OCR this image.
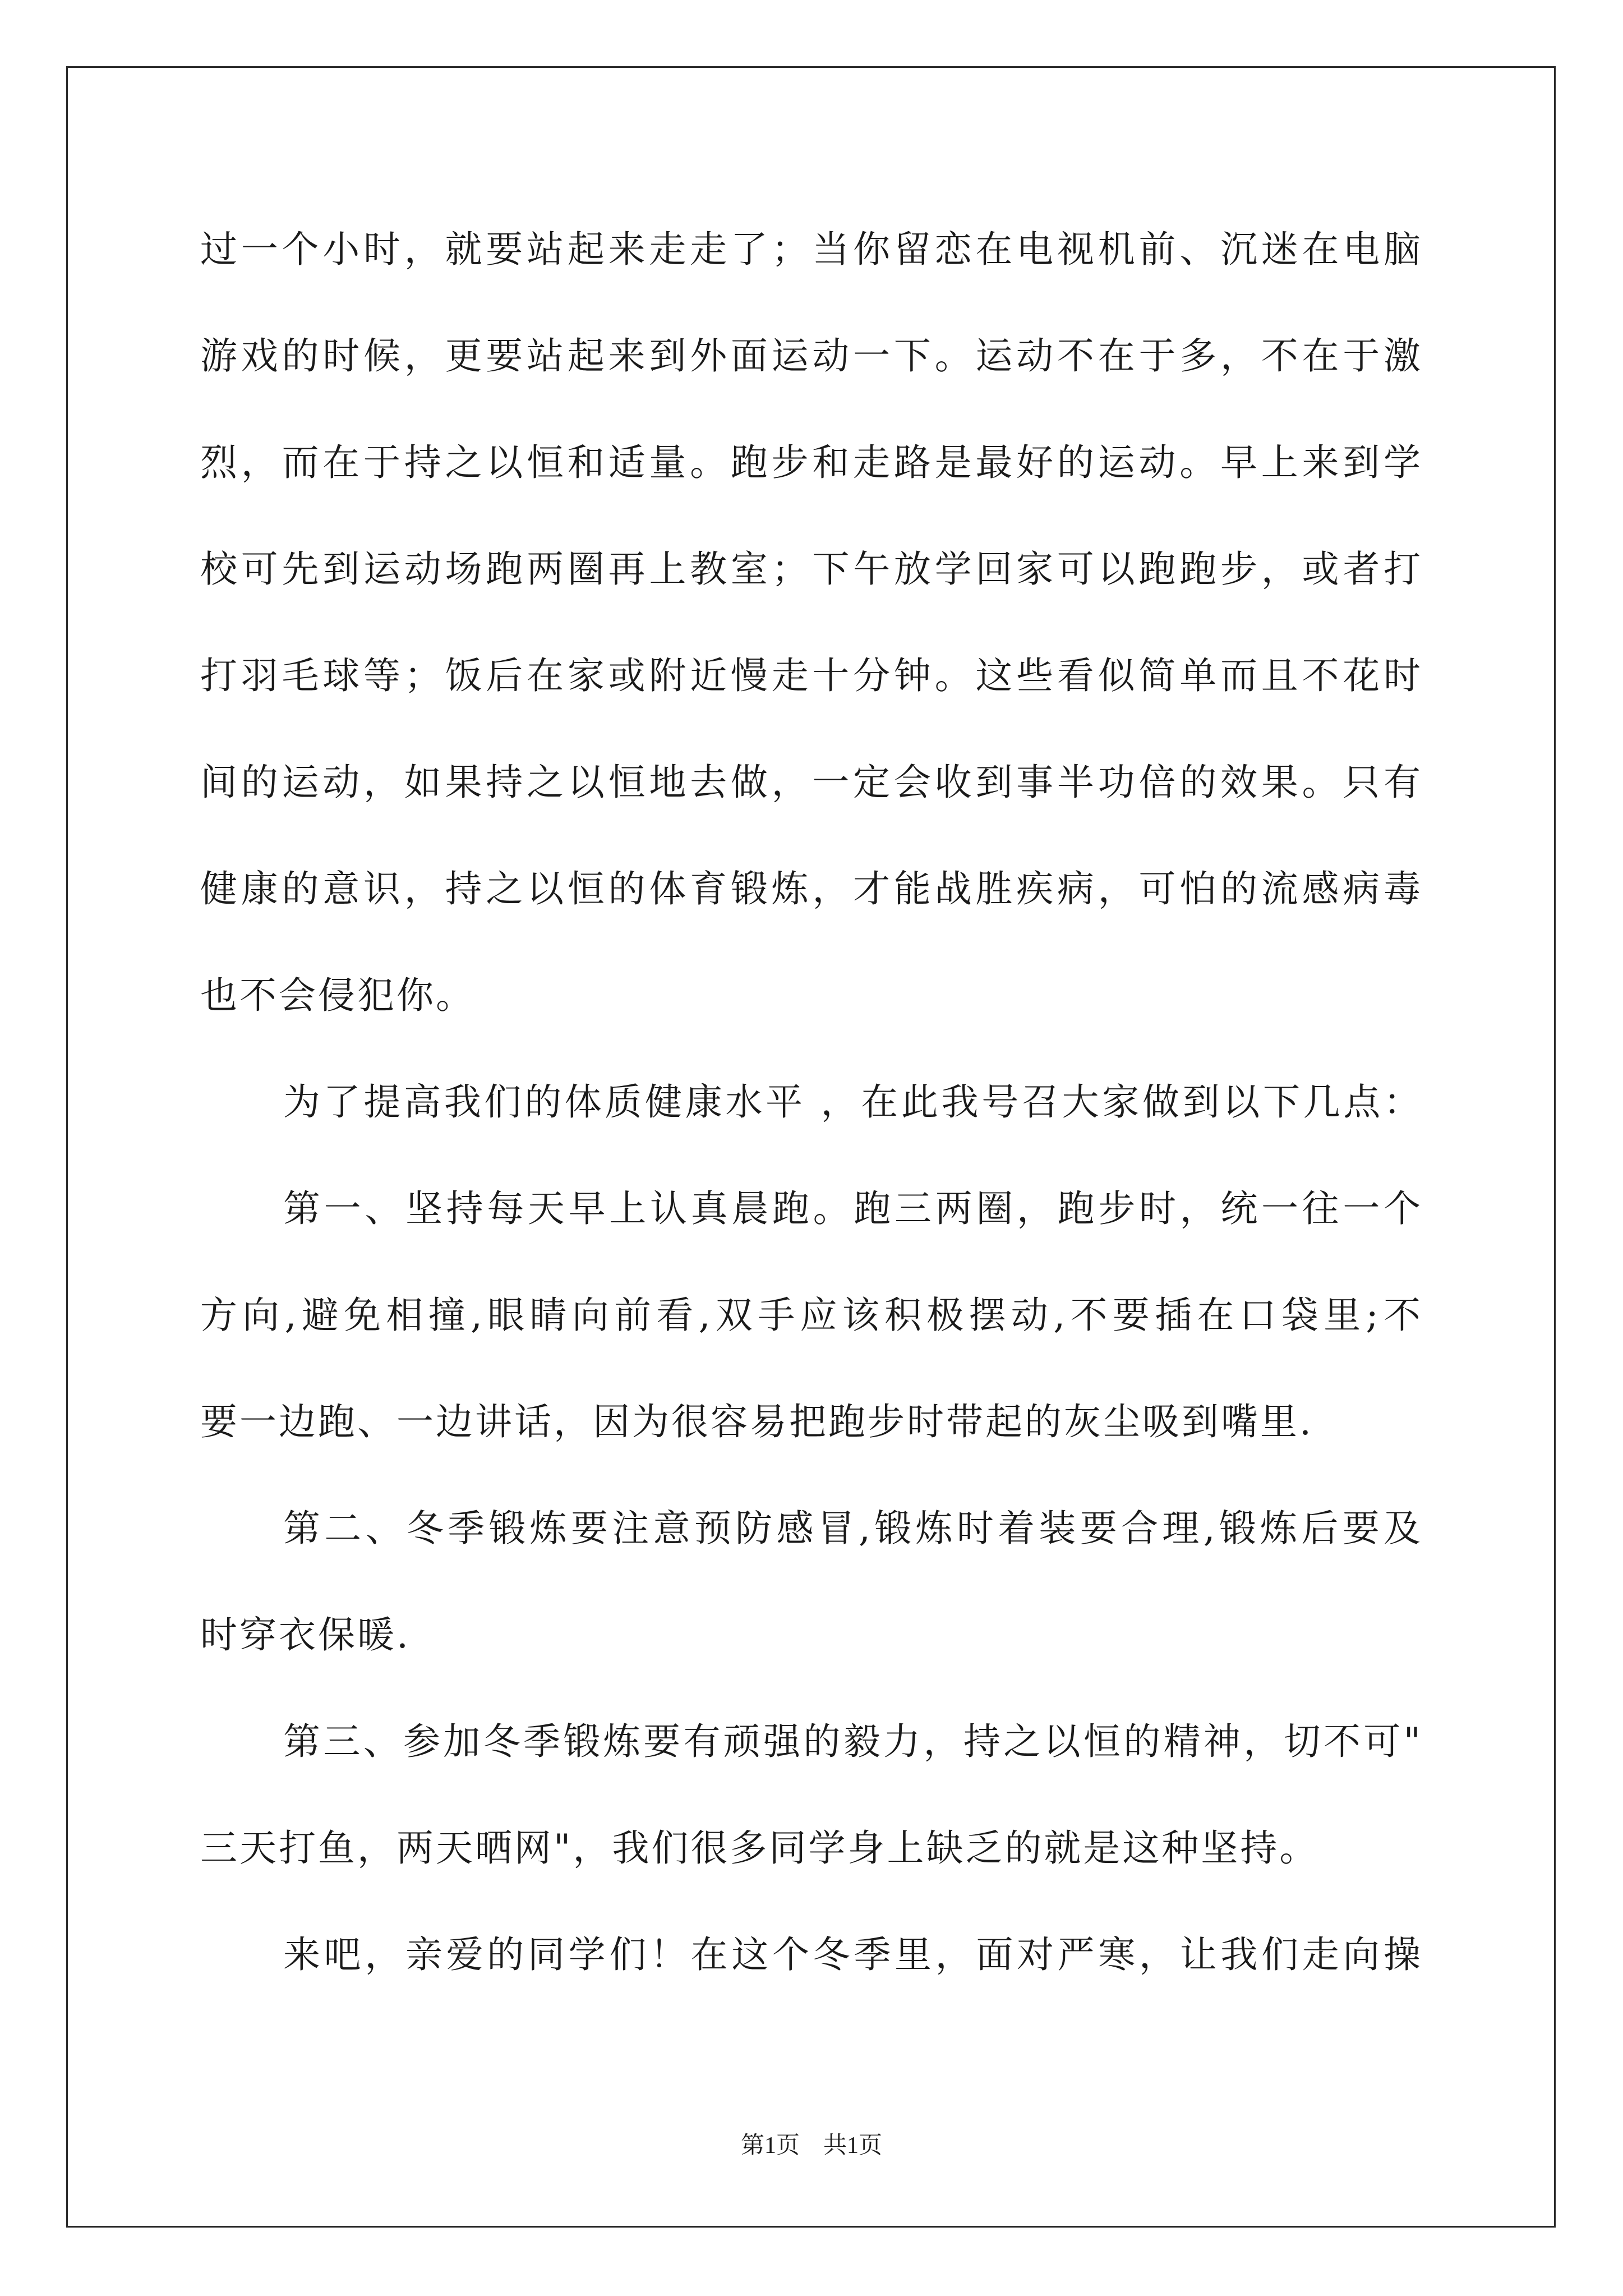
过一个小时，就要站起来走走了；当你留恋在电视机前、沉迷在电脑
游戏的时候，更要站起来到外面运动一下。运动不在于多，不在于激
烈，而在于持之以恒和适量。跑步和走路是最好的运动。早上来到学
校可先到运动场跑两圈再上教室；下午放学回家可以跑跑步，或者打
打羽毛球等；饭后在家或附近慢走十分钟。这些看似简单而且不花时
间的运动，如果持之以恒地去做，一定会收到事半功倍的效果。只有
健康的意识，持之以恒的体育锻炼，才能战胜疾病，可怕的流感病毒
也不会侵犯你。
为了提高我们的体质健康水平 ，在此我号召大家做到以下几点：
第一、坚持每天早上认真晨跑。跑三两圈，跑步时，统一往一个
方向,避免相撞,眼睛向前看,双手应该积极摆动,不要插在口袋里;不
要一边跑、一边讲话，因为很容易把跑步时带起的灰尘吸到嘴里.
第二、冬季锻炼要注意预防感冒,锻炼时着装要合理,锻炼后要及
时穿衣保暖.
第三、参加冬季锻炼要有顽强的毅力，持之以恒的精神，切不可"
三天打鱼，两天晒网"，我们很多同学身上缺乏的就是这种坚持。
来吧，亲爱的同学们！在这个冬季里，面对严寒，让我们走向操
第1页　共1页
